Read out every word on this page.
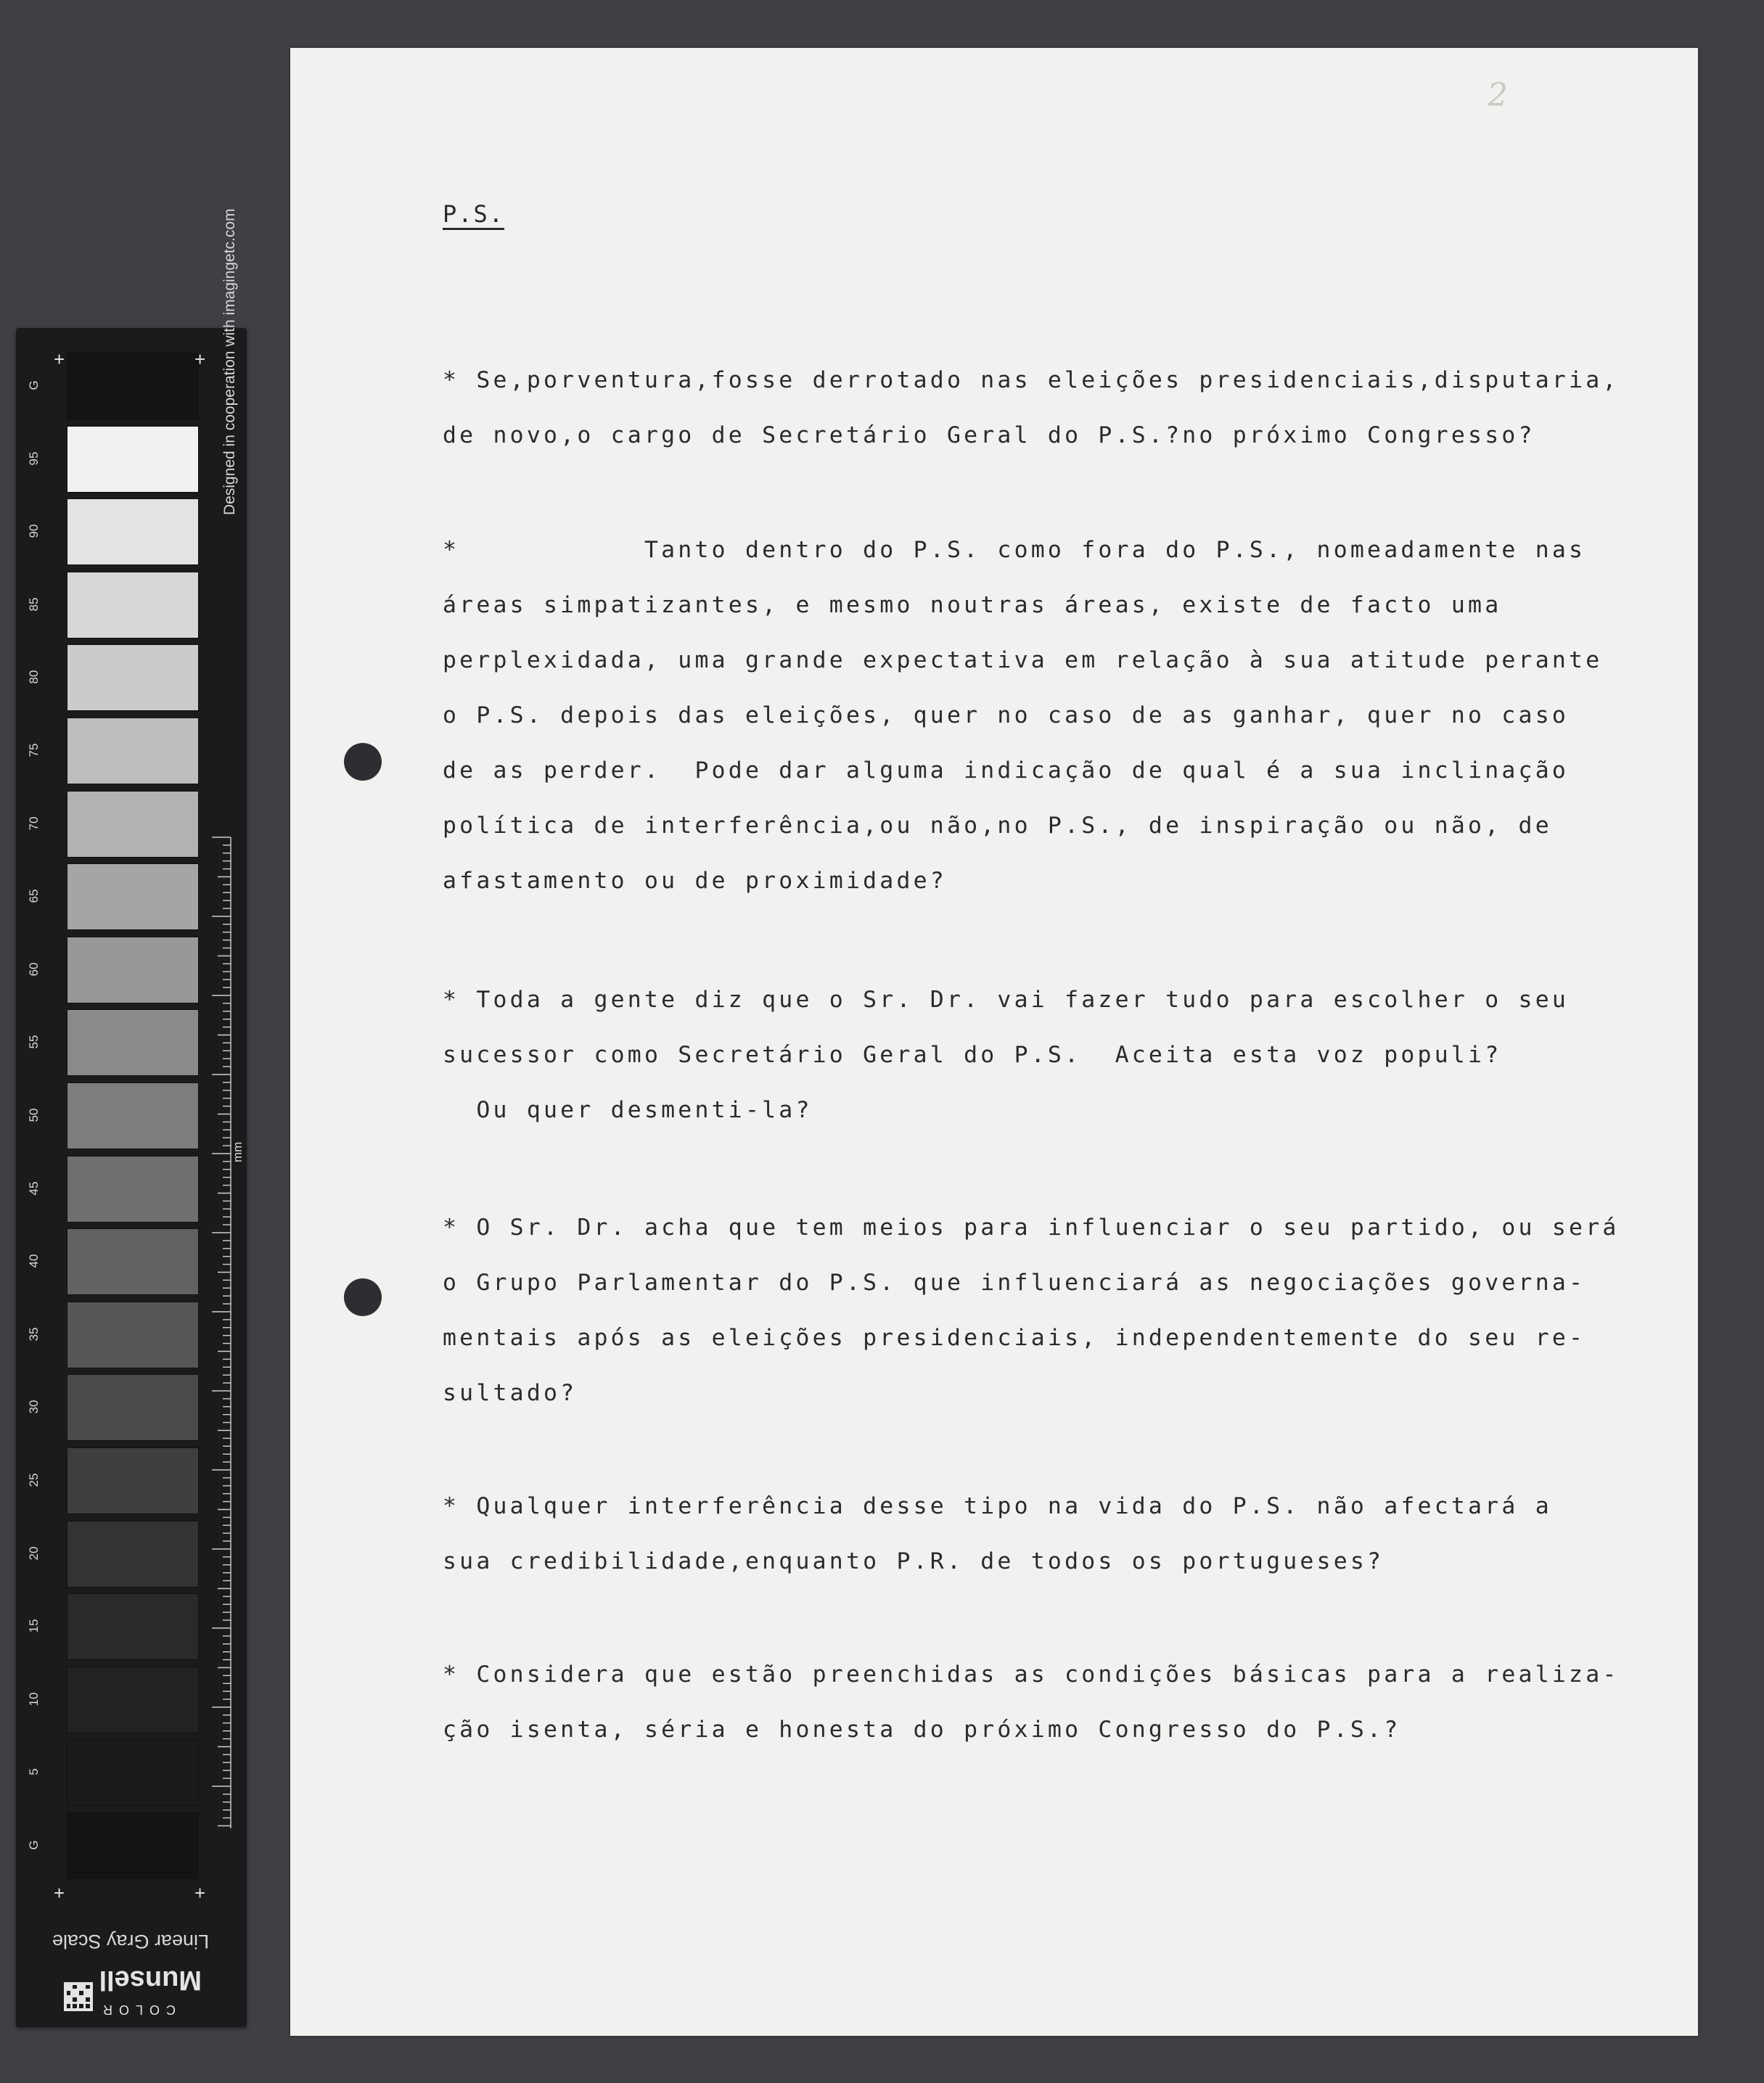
G
95
90
85
80
75
70
65
60
55
50
45
40
35
30
25
20
15
10
5
G
+	+
+	+
mm
Designed in cooperation with imagingetc.com
Linear Gray Scale
COLOR
Munsell
2
P.S.
* Se,porventura,fosse derrotado nas eleições presidenciais,disputaria,
de novo,o cargo de Secretário Geral do P.S.?no próximo Congresso?
*           Tanto dentro do P.S. como fora do P.S., nomeadamente nas
áreas simpatizantes, e mesmo noutras áreas, existe de facto uma
perplexidada, uma grande expectativa em relação à sua atitude perante
o P.S. depois das eleições, quer no caso de as ganhar, quer no caso
de as perder.  Pode dar alguma indicação de qual é a sua inclinação
política de interferência,ou não,no P.S., de inspiração ou não, de
afastamento ou de proximidade?
* Toda a gente diz que o Sr. Dr. vai fazer tudo para escolher o seu
sucessor como Secretário Geral do P.S.  Aceita esta voz populi?
Ou quer desmenti-la?
* O Sr. Dr. acha que tem meios para influenciar o seu partido, ou será
o Grupo Parlamentar do P.S. que influenciará as negociações governa-
mentais após as eleições presidenciais, independentemente do seu re-
sultado?
* Qualquer interferência desse tipo na vida do P.S. não afectará a
sua credibilidade,enquanto P.R. de todos os portugueses?
* Considera que estão preenchidas as condições básicas para a realiza-
ção isenta, séria e honesta do próximo Congresso do P.S.?
